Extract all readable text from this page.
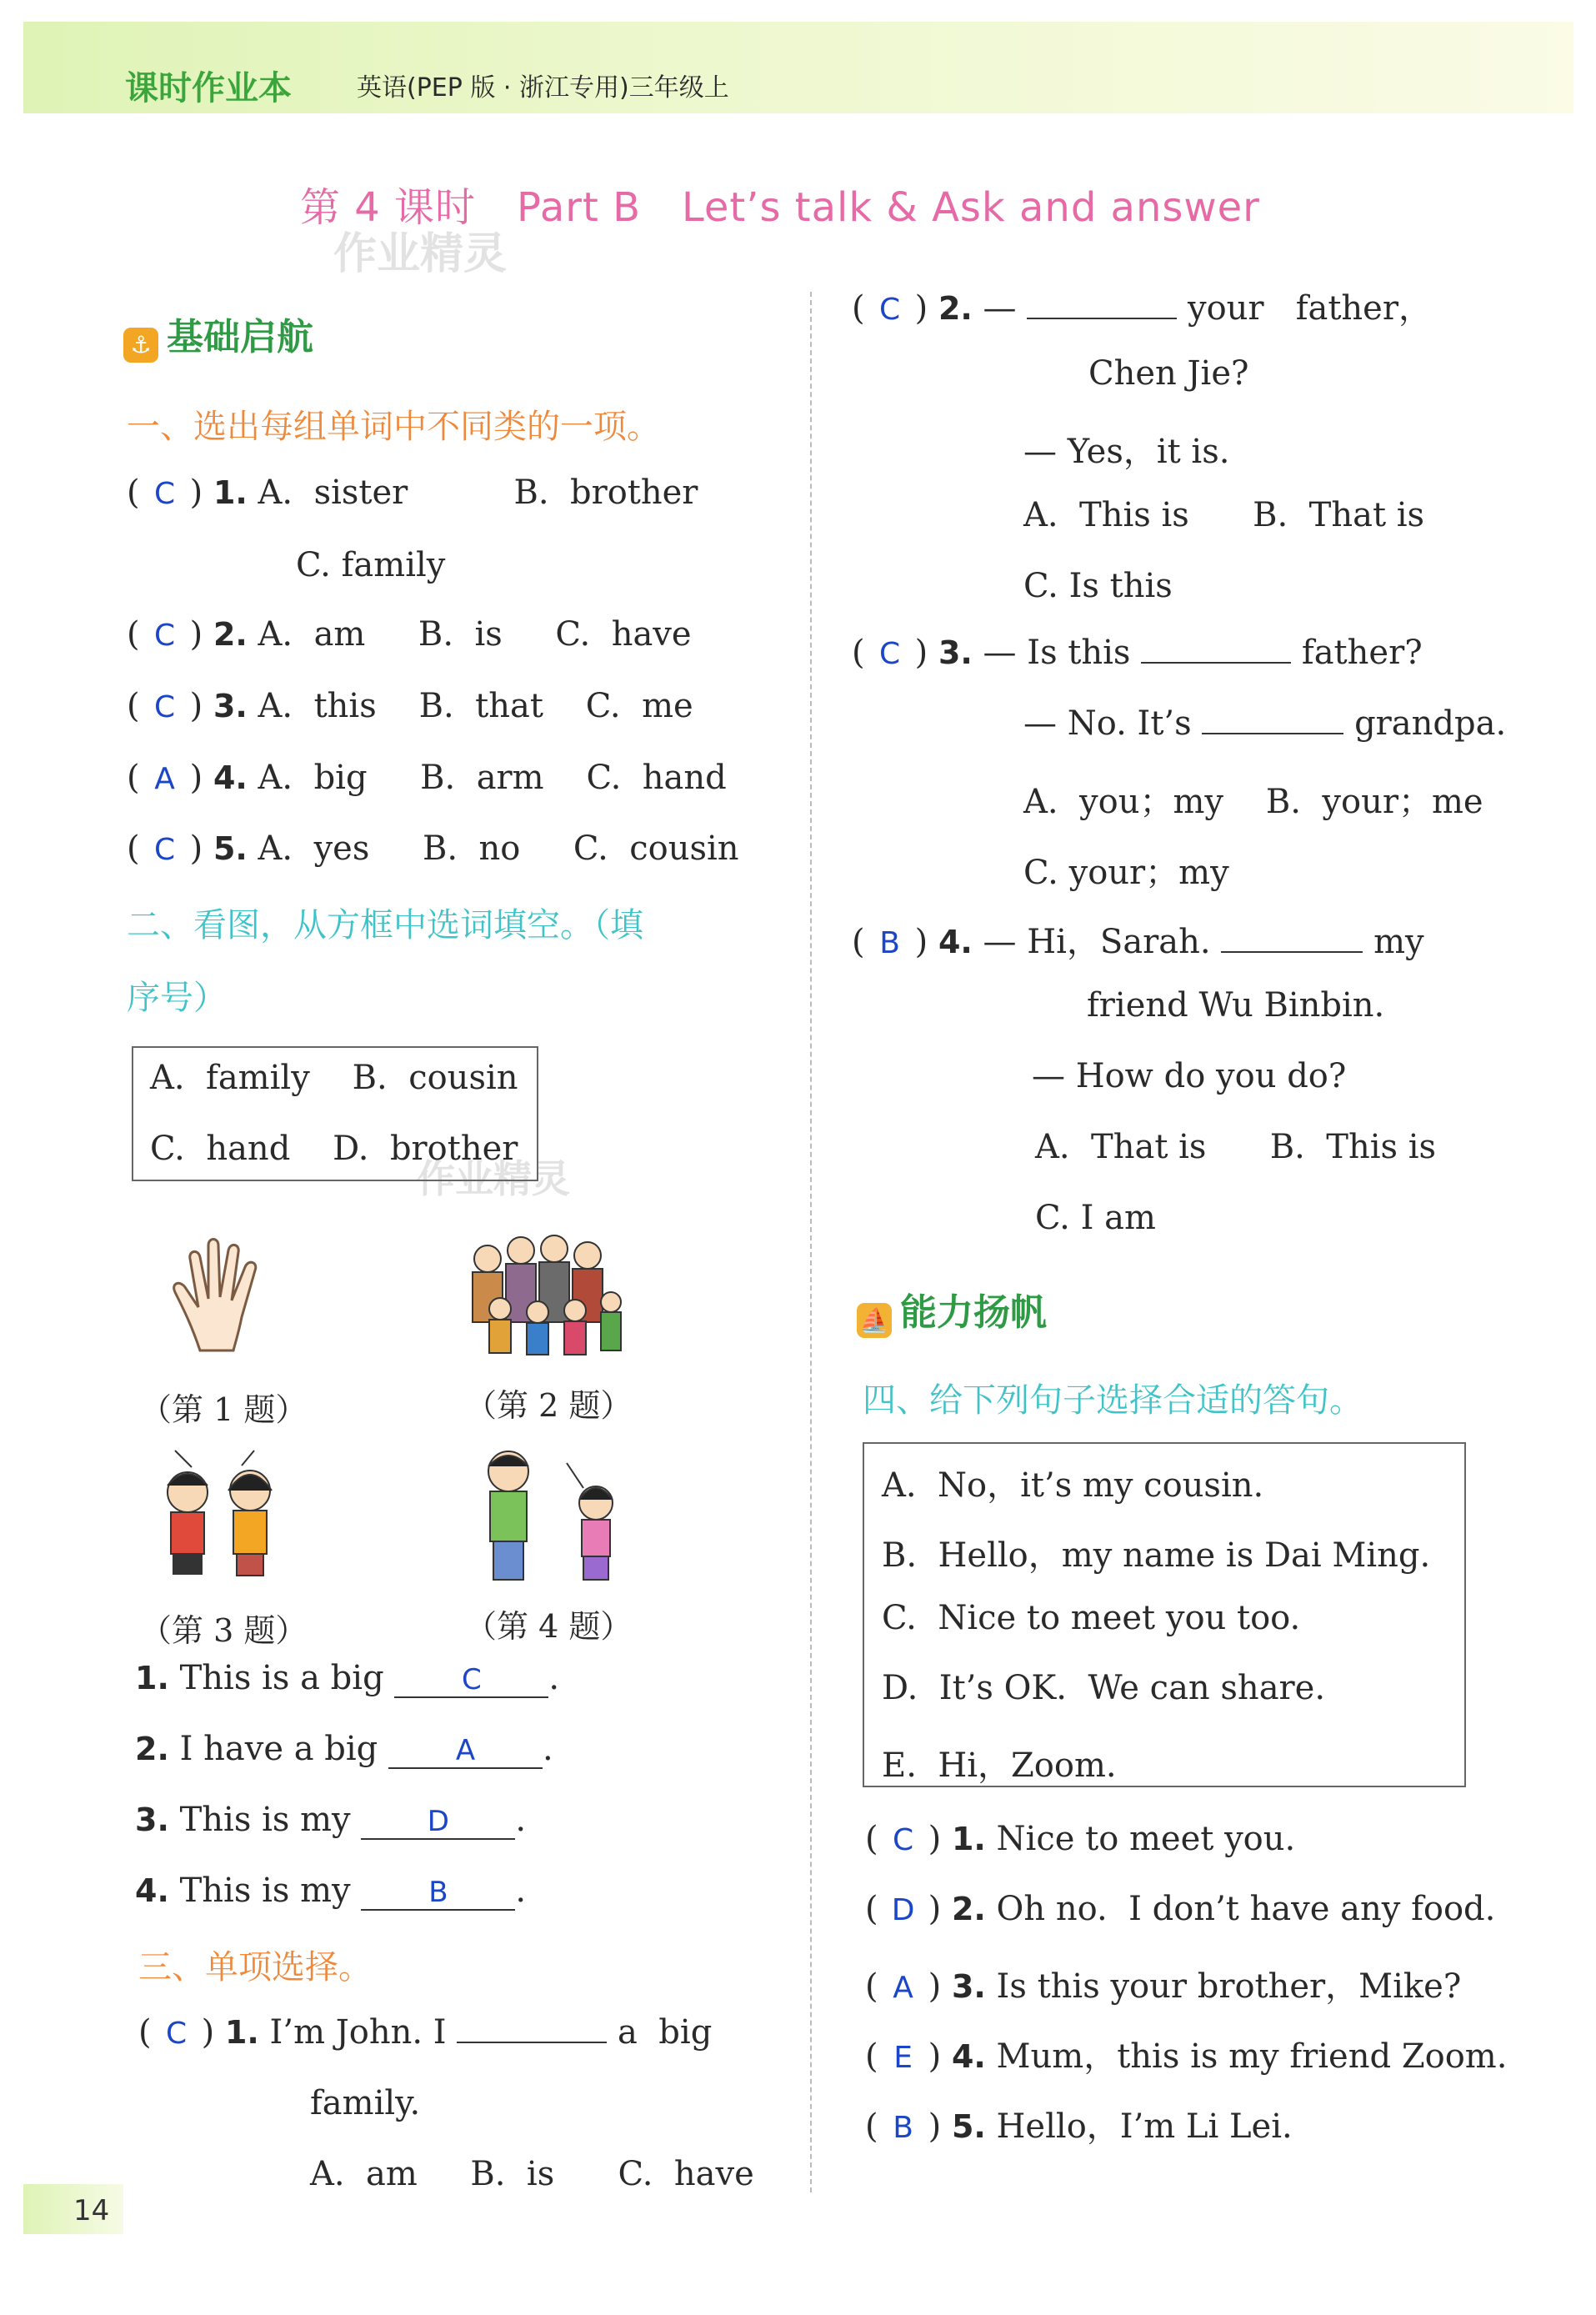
课时作业本	英语(PEP 版 · 浙江专用)三年级上
第 4 课时　Part B　Let’s talk & Ask and answer
作业精灵
作业精灵
⚓ 基础启航
一、选出每组单词中不同类的一项。
( C ) 1. A.  sister          B.  brother
C. family
( C ) 2. A.  am     B.  is     C.  have
( C ) 3. A.  this    B.  that    C.  me
( A ) 4. A.  big     B.  arm    C.  hand
( C ) 5. A.  yes     B.  no     C.  cousin
二、看图，从方框中选词填空。（填
序号）
A.  family    B.  cousin
C.  hand    D.  brother
（第 1 题）	（第 2 题）
（第 3 题）	（第 4 题）
1. This is a big	C .
2. I have a big	A .
3. This is my	D .
4. This is my	B .
三、单项选择。
( C ) 1. I’m John. I	a  big
family.
A.  am     B.  is      C.  have
( C ) 2. —	your   father，
Chen Jie?
— Yes，it is.
A.  This is      B.  That is
C. Is this
( C ) 3. — Is this	father?
— No. It’s	grandpa.
A.  you；my    B.  your；me
C. your；my
( B ) 4. — Hi，Sarah.	my
friend Wu Binbin.
— How do you do?
A.  That is      B.  This is
C. I am
⛵ 能力扬帆
四、给下列句子选择合适的答句。
A.  No，it’s my cousin.
B.  Hello，my name is Dai Ming.
C.  Nice to meet you too.
D.  It’s OK.  We can share.
E.  Hi，Zoom.
( C ) 1. Nice to meet you.
( D ) 2. Oh no.  I don’t have any food.
( A ) 3. Is this your brother，Mike?
( E ) 4. Mum，this is my friend Zoom.
( B ) 5. Hello，I’m Li Lei.
14
